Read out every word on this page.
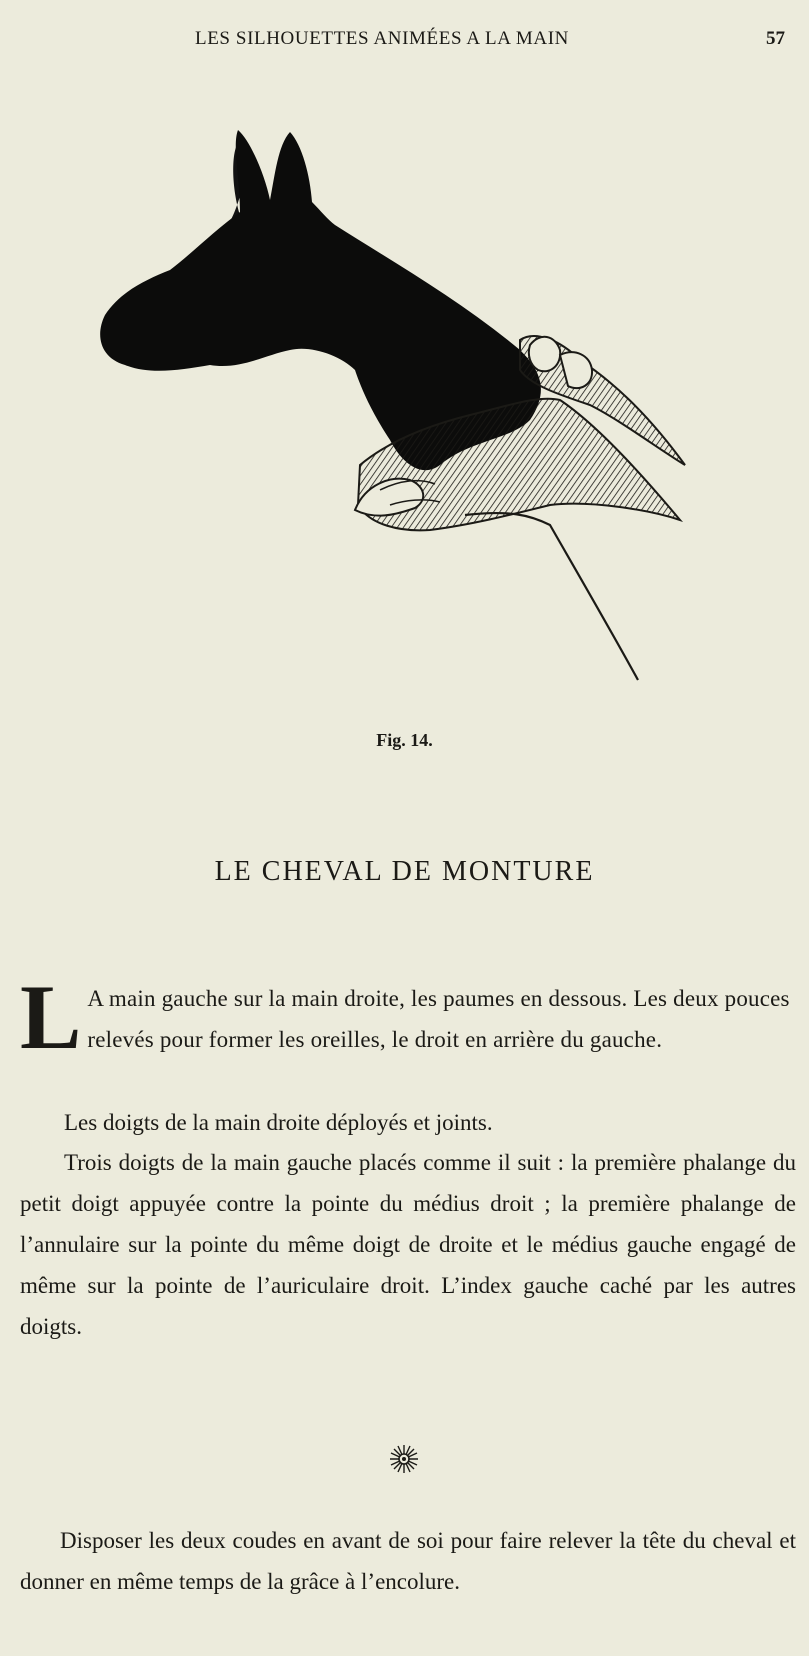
LES SILHOUETTES ANIMÉES A LA MAIN	57
Fig. 14.
LE CHEVAL DE MONTURE
L A main gauche sur la main droite, les paumes en dessous. Les deux pouces relevés pour former les oreilles, le droit en arrière du gauche.
Les doigts de la main droite déployés et joints.
Trois doigts de la main gauche placés comme il suit : la première phalange du petit doigt appuyée contre la pointe du médius droit ; la première phalange de l’annulaire sur la pointe du même doigt de droite et le médius gauche engagé de même sur la pointe de l’auriculaire droit. L’index gauche caché par les autres doigts.
Disposer les deux coudes en avant de soi pour faire relever la tête du cheval et donner en même temps de la grâce à l’encolure.
